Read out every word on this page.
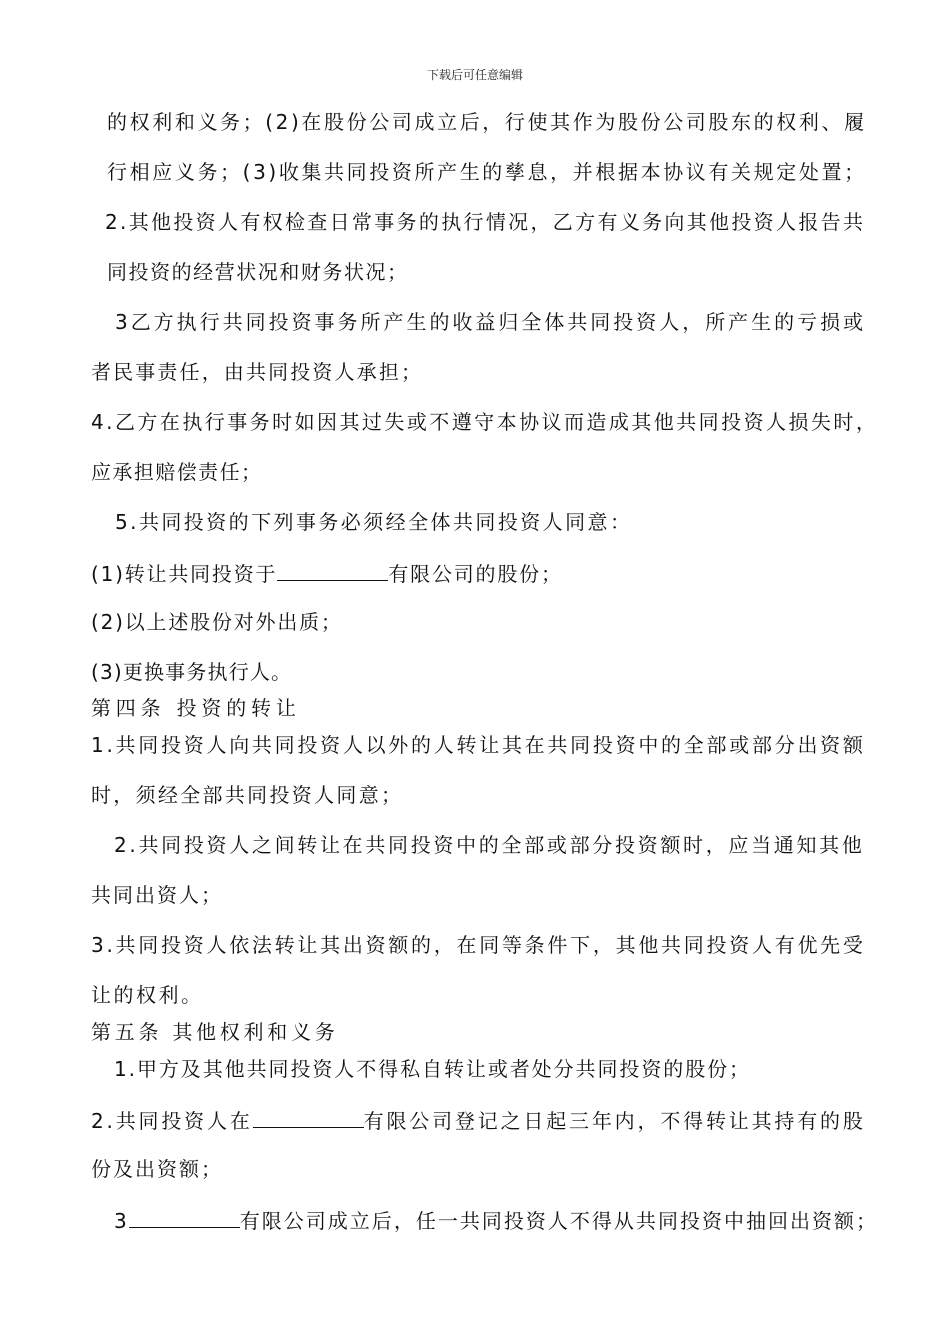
下载后可任意编辑
的权利和义务；(2)在股份公司成立后，行使其作为股份公司股东的权利、履
行相应义务；(3)收集共同投资所产生的孳息，并根据本协议有关规定处置；
2.其他投资人有权检查日常事务的执行情况，乙方有义务向其他投资人报告共
同投资的经营状况和财务状况；
3乙方执行共同投资事务所产生的收益归全体共同投资人，所产生的亏损或
者民事责任，由共同投资人承担；
4.乙方在执行事务时如因其过失或不遵守本协议而造成其他共同投资人损失时，
应承担赔偿责任；
5.共同投资的下列事务必须经全体共同投资人同意：
(1)转让共同投资于	有限公司的股份；
(2)以上述股份对外出质；
(3)更换事务执行人。
第四条 投资的转让
1.共同投资人向共同投资人以外的人转让其在共同投资中的全部或部分出资额
时，须经全部共同投资人同意；
2.共同投资人之间转让在共同投资中的全部或部分投资额时，应当通知其他
共同出资人；
3.共同投资人依法转让其出资额的，在同等条件下，其他共同投资人有优先受
让的权利。
第五条 其他权利和义务
1.甲方及其他共同投资人不得私自转让或者处分共同投资的股份；
2.共同投资人在	有限公司登记之日起三年内，不得转让其持有的股
份及出资额；
3	有限公司成立后，任一共同投资人不得从共同投资中抽回出资额；
